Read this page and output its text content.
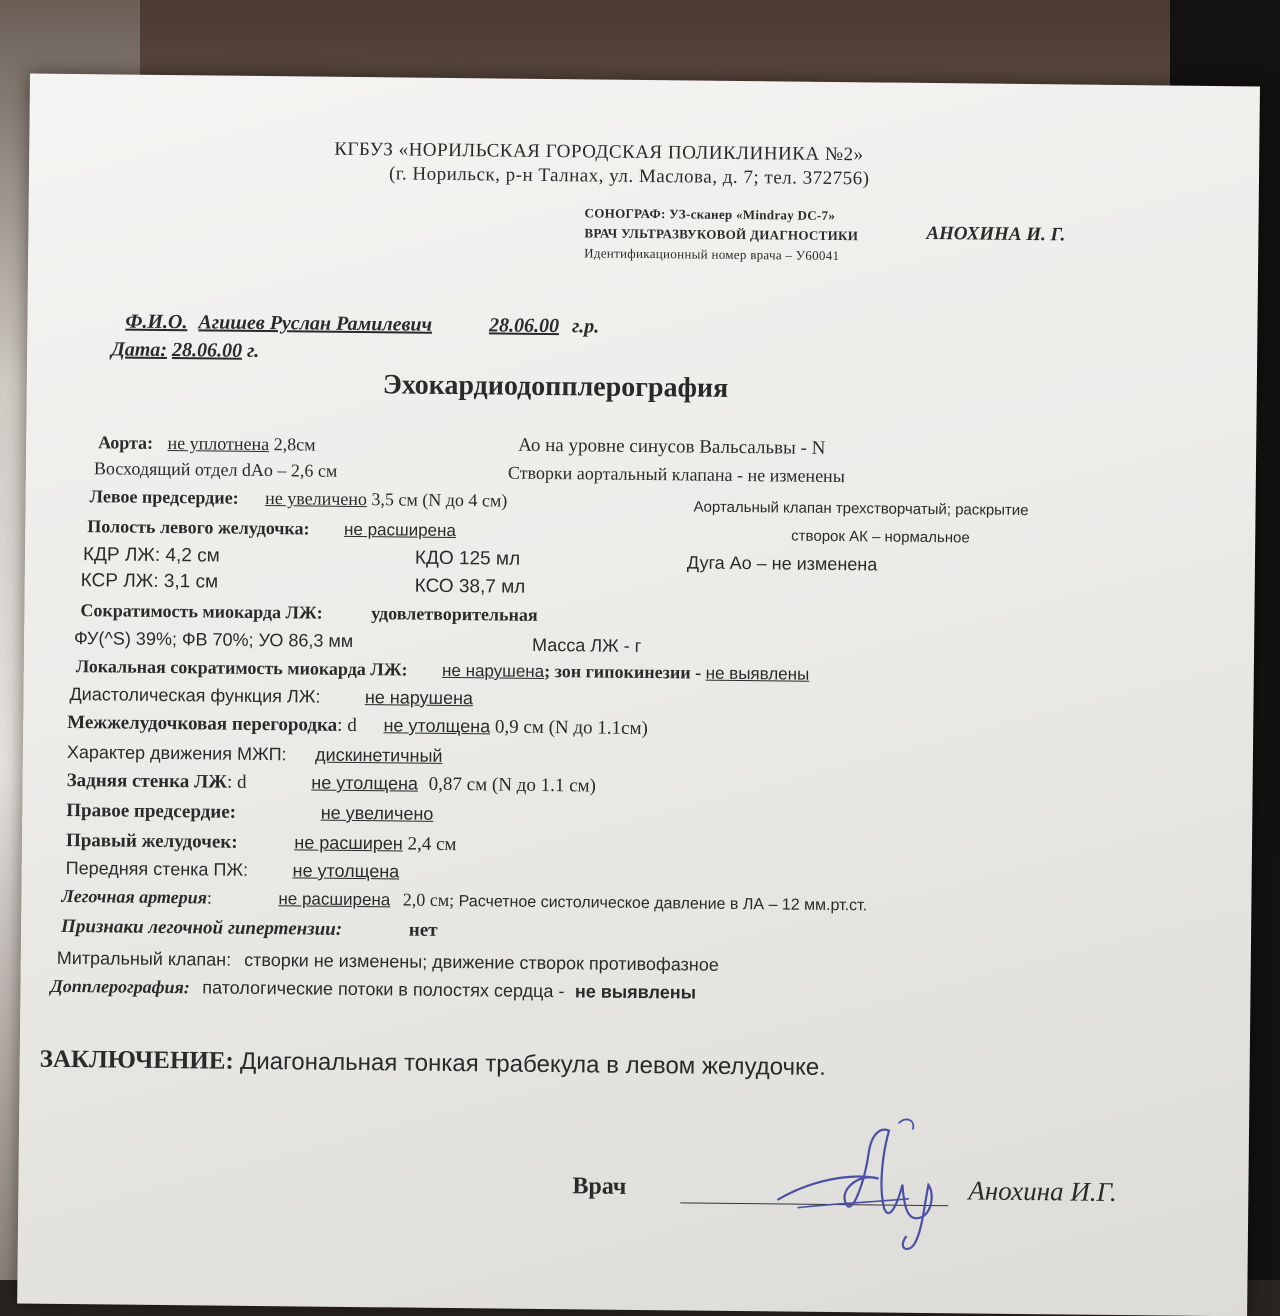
КГБУЗ «НОРИЛЬСКАЯ ГОРОДСКАЯ ПОЛИКЛИНИКА №2»
(г. Норильск, р-н Талнах, ул. Маслова, д. 7; тел. 372756)
СОНОГРАФ: УЗ-сканер «Mindray DC-7»
ВРАЧ УЛЬТРАЗВУКОВОЙ ДИАГНОСТИКИ	АНОХИНА И. Г.
Идентификационный номер врача – У60041
Ф.И.О. Агишев Руслан Рамилевич	28.06.00 г.р.
Дата: 28.06.00 г.
Эхокардиодопплерография
Аорта: не уплотнена 2,8см	Ао на уровне синусов Вальсальвы - N
Восходящий отдел dAo – 2,6 см	Створки аортальный клапана - не изменены
Левое предсердие: не увеличено 3,5 см (N до 4 см)	Аортальный клапан трехстворчатый; раскрытие
створок АК – нормальное
Полость левого желудочка: не расширена
КДР ЛЖ: 4,2 см	КДО 125 мл	Дуга Ао – не изменена
КСР ЛЖ: 3,1 см	КСО 38,7 мл
Сократимость миокарда ЛЖ:	удовлетворительная
ФУ(^S) 39%; ФВ 70%; УО 86,3 мм	Масса ЛЖ - г
Локальная сократимость миокарда ЛЖ: не нарушена; зон гипокинезии - не выявлены
Диастолическая функция ЛЖ: не нарушена
Межжелудочковая перегородка: d не утолщена 0,9 см (N до 1.1см)
Характер движения МЖП: дискинетичный
Задняя стенка ЛЖ: d	не утолщена 0,87 см (N до 1.1 см)
Правое предсердие:	не увеличено
Правый желудочек:	не расширен 2,4 см
Передняя стенка ПЖ: не утолщена
Легочная артерия:	не расширена 2,0 см; Расчетное систолическое давление в ЛА – 12 мм.рт.ст.
Признаки легочной гипертензии:	нет
Митральный клапан: створки не изменены; движение створок противофазное
Допплерография: патологические потоки в полостях сердца - не выявлены
ЗАКЛЮЧЕНИЕ: Диагональная тонкая трабекула в левом желудочке.
Врач	Анохина И.Г.
